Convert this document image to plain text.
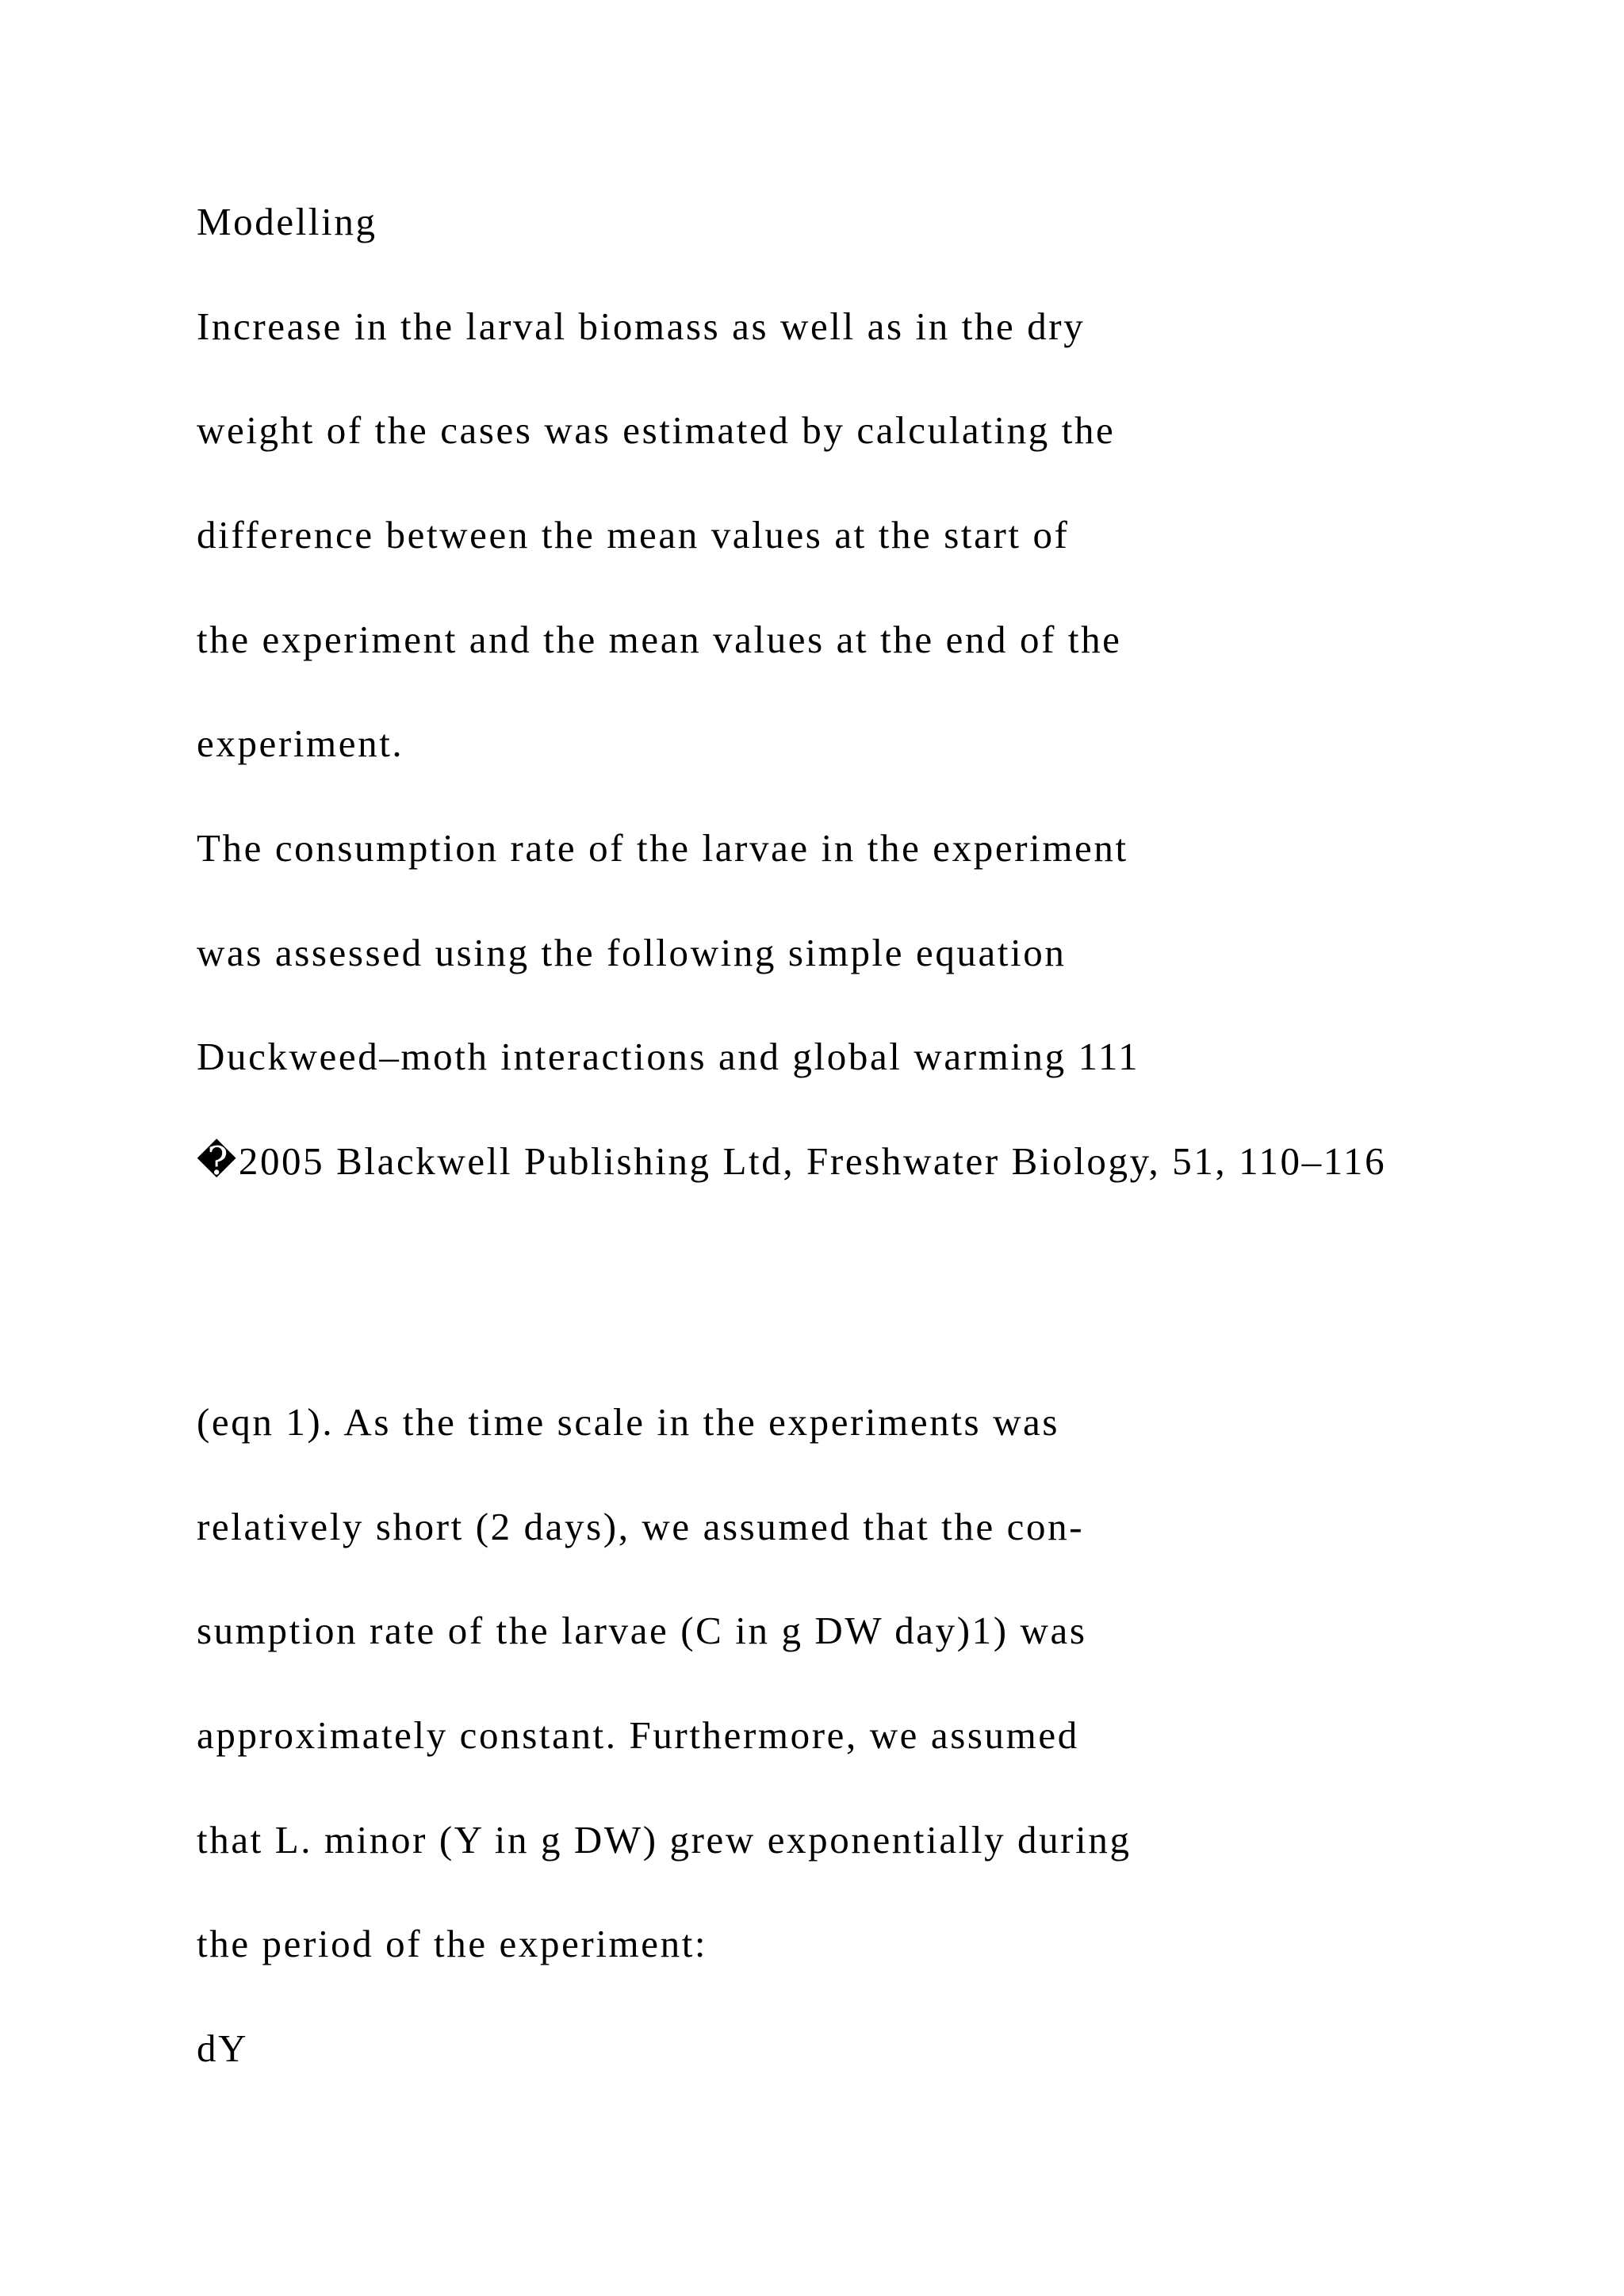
Modelling

Increase in the larval biomass as well as in the dry

weight of the cases was estimated by calculating the

difference between the mean values at the start of

the experiment and the mean values at the end of the

experiment.

The consumption rate of the larvae in the experiment

was assessed using the following simple equation

Duckweed–moth interactions and global warming 111

�2005 Blackwell Publishing Ltd, Freshwater Biology, 51, 110–116

(eqn 1). As the time scale in the experiments was

relatively short (2 days), we assumed that the con-

sumption rate of the larvae (C in g DW day)1) was

approximately constant. Furthermore, we assumed

that L. minor (Y in g DW) grew exponentially during

the period of the experiment:

dY
